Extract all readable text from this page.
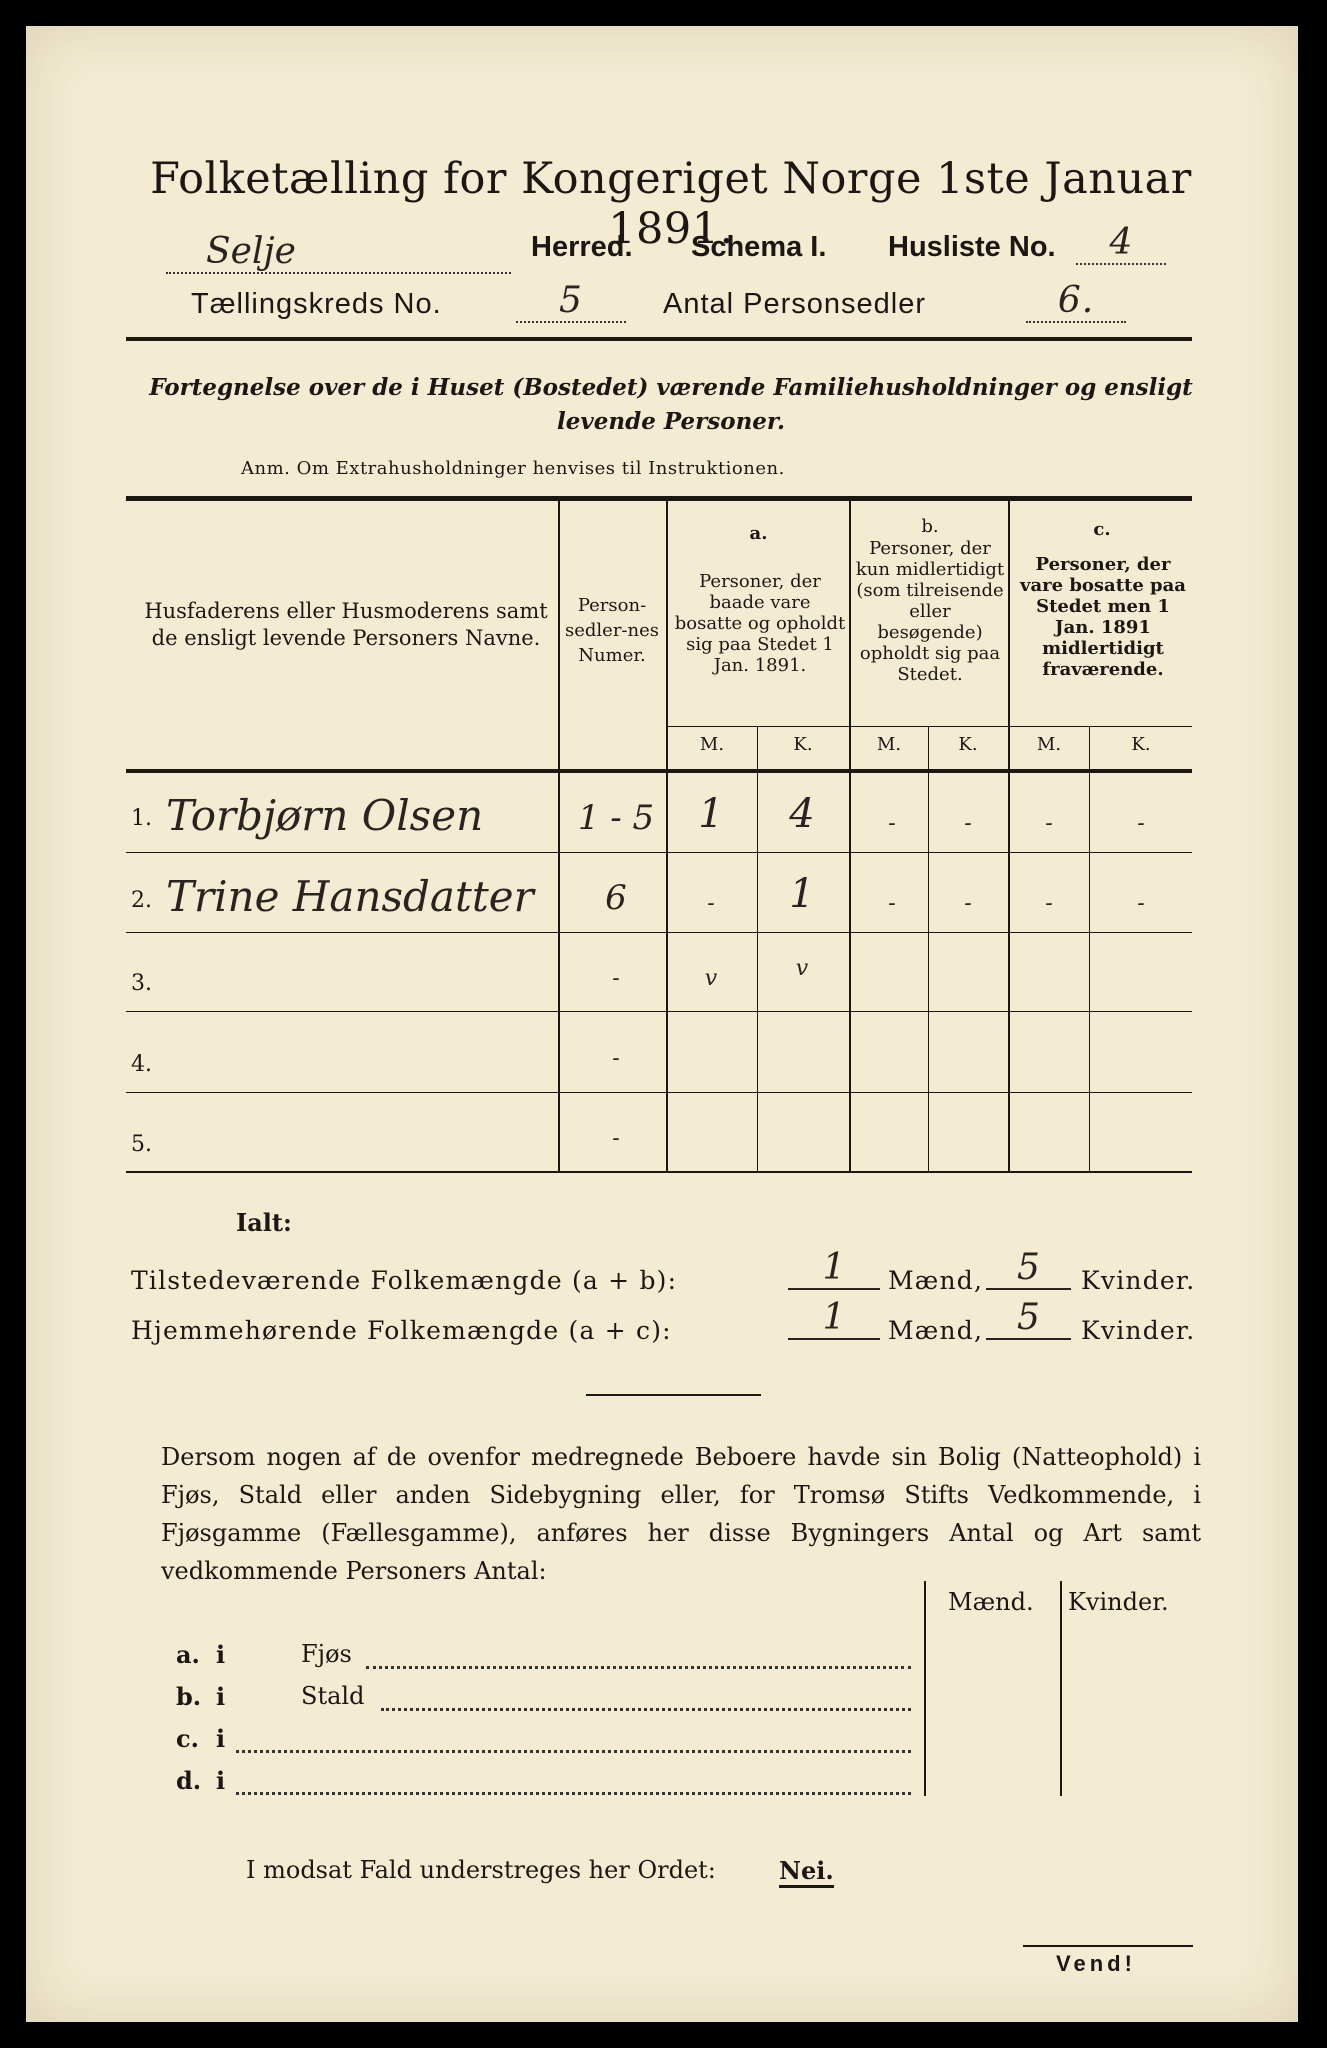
Folketælling for Kongeriget Norge 1ste Januar 1891.
Selje	Herred. Schema I. Husliste No.	4
Tællingskreds No.	5	Antal Personsedler	6.
Fortegnelse over de i Huset (Bostedet) værende Familiehusholdninger og ensligt levende Personer.
Anm. Om Extrahusholdninger henvises til Instruktionen.
Husfaderens eller Husmoderens samt de ensligt levende Personers Navne.
Person-sedler-nes Numer.
a.
Personer, der baade vare bosatte og opholdt sig paa Stedet 1 Jan. 1891.
b.
Personer, der kun midlertidigt (som tilreisende eller besøgende) opholdt sig paa Stedet.
c.
Personer, der vare bosatte paa Stedet men 1 Jan. 1891 midlertidigt fraværende.
M.	K.	M.	K.	M.	K.
1. Torbjørn Olsen	1 - 5	1	4	-	-	-	-
2. Trine Hansdatter	6	-	1	-	-	-	-
3.	-	v	v
4.	-
5.	-
Ialt:
Tilstedeværende Folkemængde (a + b):	1	Mænd, 5	Kvinder.
Hjemmehørende Folkemængde (a + c):	1	Mænd, 5	Kvinder.
Dersom nogen af de ovenfor medregnede Beboere havde sin Bolig (Natteophold) i Fjøs, Stald eller anden Sidebygning eller, for Tromsø Stifts Vedkommende, i Fjøsgamme (Fællesgamme), anføres her disse Bygningers Antal og Art samt vedkommende Personers Antal:
Mænd. Kvinder.
a. i	Fjøs
b. i	Stald
c. i
d. i
I modsat Fald understreges her Ordet:	Nei.
Vend!
